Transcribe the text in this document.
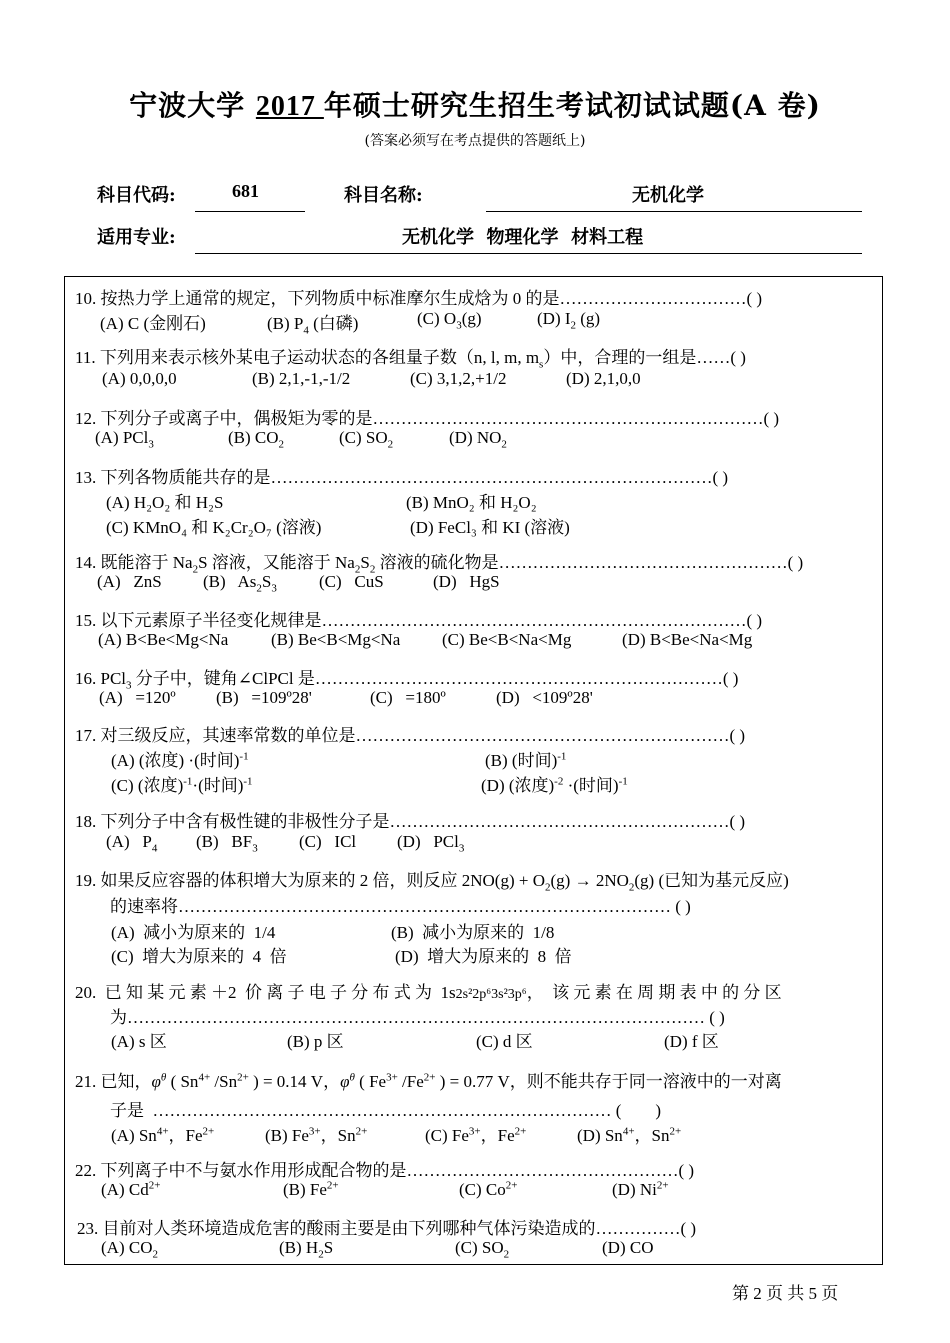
宁波大学 2017 年硕士研究生招生考试初试试题(A 卷)
(答案必须写在考点提供的答题纸上)
科目代码:	681	科目名称:	无机化学
适用专业:	无机化学  物理化学  材料工程
10. 按热力学上通常的规定，下列物质中标准摩尔生成焓为 0 的是……………………………( )
(A) C (金刚石)	(B) $P_4$ (白磷)	(C) $O_3(g)$	(D) $I_2$ (g)
11. 下列用来表示核外某电子运动状态的各组量子数（n, l, m, $m_s$）中，合理的一组是……( )
(A) 0,0,0,0	(B) 2,1,-1,-1/2	(C) 3,1,2,+1/2	(D) 2,1,0,0
12. 下列分子或离子中，偶极矩为零的是……………………………………………………………( )
(A) PCl$_3$	(B) $CO_2$	(C) $SO_2$	(D) $NO_2$
13. 下列各物质能共存的是……………………………………………………………………( )
(A) H₂O₂ 和 H₂S	(B) MnO₂ 和 H₂O₂
(C) KMnO₄ 和 K₂Cr₂O₇ (溶液)	(D) FeCl₃ 和 KI (溶液)
14. 既能溶于 $Na_2S$ 溶液，又能溶于 $Na_2S_2$ 溶液的硫化物是……………………………………………( )
(A)   ZnS (B)   $As_2S_3$ (C)   CuS	(D)   HgS
15. 以下元素原子半径变化规律是…………………………………………………………………( )
(A) B<Be<Mg<Na	(B) Be<B<Mg<Na (C) Be<B<Na<Mg	(D) B<Be<Na<Mg
16. PCl$_3$ 分子中，键角∠ClPCl 是………………………………………………………………( )
(A)   =120º (B)   =109º28'	(C)   =180º	(D)   <109º28'
17. 对三级反应，其速率常数的单位是…………………………………………………………( )
(A) (浓度) ·(时间)$^{-1}$	(B) (时间)$^{-1}$
(C) (浓度)$^{-1}$·(时间)$^{-1}$	(D) (浓度)$^{-2}$ ·(时间)$^{-1}$
18. 下列分子中含有极性键的非极性分子是……………………………………………………( )
(A)   $P_4$ (B)   $BF_3$ (C)   ICl (D)   PCl$_3$
19. 如果反应容器的体积增大为原来的 2 倍，则反应 $2NO(g) + O_2(g) \to 2NO_2(g)$ (已知为基元反应)
的速率将…………………………………………………………………………… ( )
(A)  减小为原来的  1/4	(B)  减小为原来的  1/8
(C)  增大为原来的  4  倍	(D)  增大为原来的  8  倍
20.  已 知 某 元 素 ＋2  价 离 子 电 子 分 布 式 为  1s2s²2p⁶3s²3p⁶，  该 元 素 在 周 期 表 中 的 分 区
为………………………………………………………………………………………… ( )
(A) s 区	(B) p 区	(C) d 区	(D) f 区
21. 已知，$\varphi^\theta$ ( $Sn^{4+}$ $/Sn^{2+}$ ) = 0.14 V，$\varphi^\theta$ ( $Fe^{3+}$ $/Fe^{2+}$ ) = 0.77 V，则不能共存于同一溶液中的一对离
子是  ……………………………………………………………………… (        )
(A) $Sn^{4+}$，$Fe^{2+}$	(B) $Fe^{3+}$，$Sn^{2+}$	(C) $Fe^{3+}$，$Fe^{2+}$	(D) $Sn^{4+}$，$Sn^{2+}$
22. 下列离子中不与氨水作用形成配合物的是…………………………………………( )
(A) $Cd^{2+}$	(B) $Fe^{2+}$	(C) $Co^{2+}$	(D) $Ni^{2+}$
23. 目前对人类环境造成危害的酸雨主要是由下列哪种气体污染造成的……………( )
(A) $CO_2$	(B) $H_2S$	(C) $SO_2$	(D) CO
第 2 页 共 5 页
